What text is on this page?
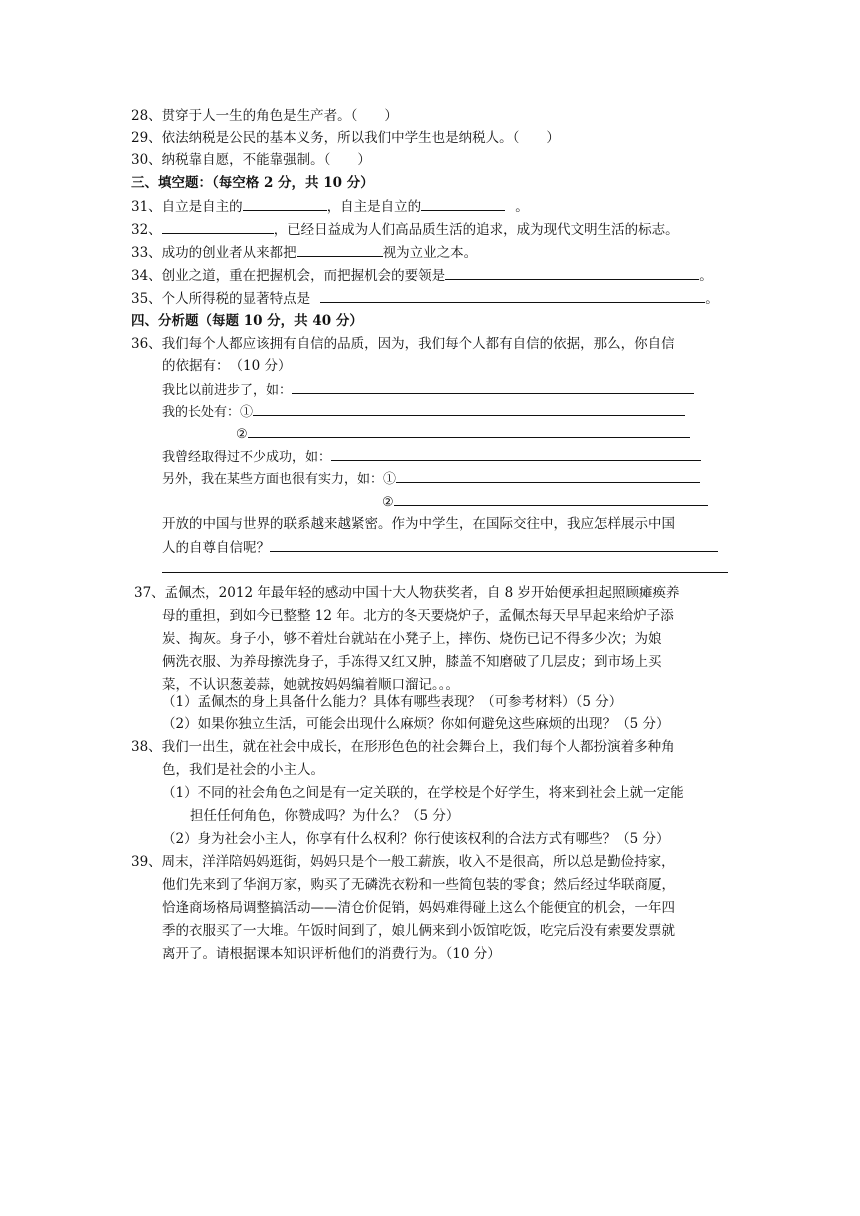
28、贯穿于人一生的角色是生产者。（　　）
29、依法纳税是公民的基本义务，所以我们中学生也是纳税人。（　　）
30、纳税靠自愿，不能靠强制。（　　）
三、填空题：（每空格 2 分，共 10 分）
31、自立是自主的	，自主是自立的	。
32、	，已经日益成为人们高品质生活的追求，成为现代文明生活的标志。
33、成功的创业者从来都把	视为立业之本。
34、创业之道，重在把握机会，而把握机会的要领是	。
35、个人所得税的显著特点是	。
四、分析题（每题 10 分，共 40 分）
36、我们每个人都应该拥有自信的品质，因为，我们每个人都有自信的依据，那么，你自信
的依据有：　（10 分）
我比以前进步了，如：
我的长处有：①
②
我曾经取得过不少成功，如：
另外，我在某些方面也很有实力，如：①
②
开放的中国与世界的联系越来越紧密。作为中学生，在国际交往中，我应怎样展示中国
人的自尊自信呢？
37、孟佩杰，2012 年最年轻的感动中国十大人物获奖者，自 8 岁开始便承担起照顾瘫痪养
母的重担，到如今已整整 12 年。北方的冬天要烧炉子，孟佩杰每天早早起来给炉子添
炭、掏灰。身子小，够不着灶台就站在小凳子上，摔伤、烧伤已记不得多少次；为娘
俩洗衣服、为养母擦洗身子，手冻得又红又肿，膝盖不知磨破了几层皮；到市场上买
菜，不认识葱姜蒜，她就按妈妈编着顺口溜记。。。
（1）孟佩杰的身上具备什么能力？具体有哪些表现？（可参考材料）（5 分）
（2）如果你独立生活，可能会出现什么麻烦？你如何避免这些麻烦的出现？（5 分）
38、我们一出生，就在社会中成长，在形形色色的社会舞台上，我们每个人都扮演着多种角
色，我们是社会的小主人。
（1）不同的社会角色之间是有一定关联的，在学校是个好学生，将来到社会上就一定能
担任任何角色，你赞成吗？为什么？（5 分）
（2）身为社会小主人，你享有什么权利？你行使该权利的合法方式有哪些？（5 分）
39、周末，洋洋陪妈妈逛街，妈妈只是个一般工薪族，收入不是很高，所以总是勤俭持家，
他们先来到了华润万家，购买了无磷洗衣粉和一些简包装的零食；然后经过华联商厦，
恰逢商场格局调整搞活动——清仓价促销，妈妈难得碰上这么个能便宜的机会，一年四
季的衣服买了一大堆。午饭时间到了，娘儿俩来到小饭馆吃饭，吃完后没有索要发票就
离开了。请根据课本知识评析他们的消费行为。（10 分）
